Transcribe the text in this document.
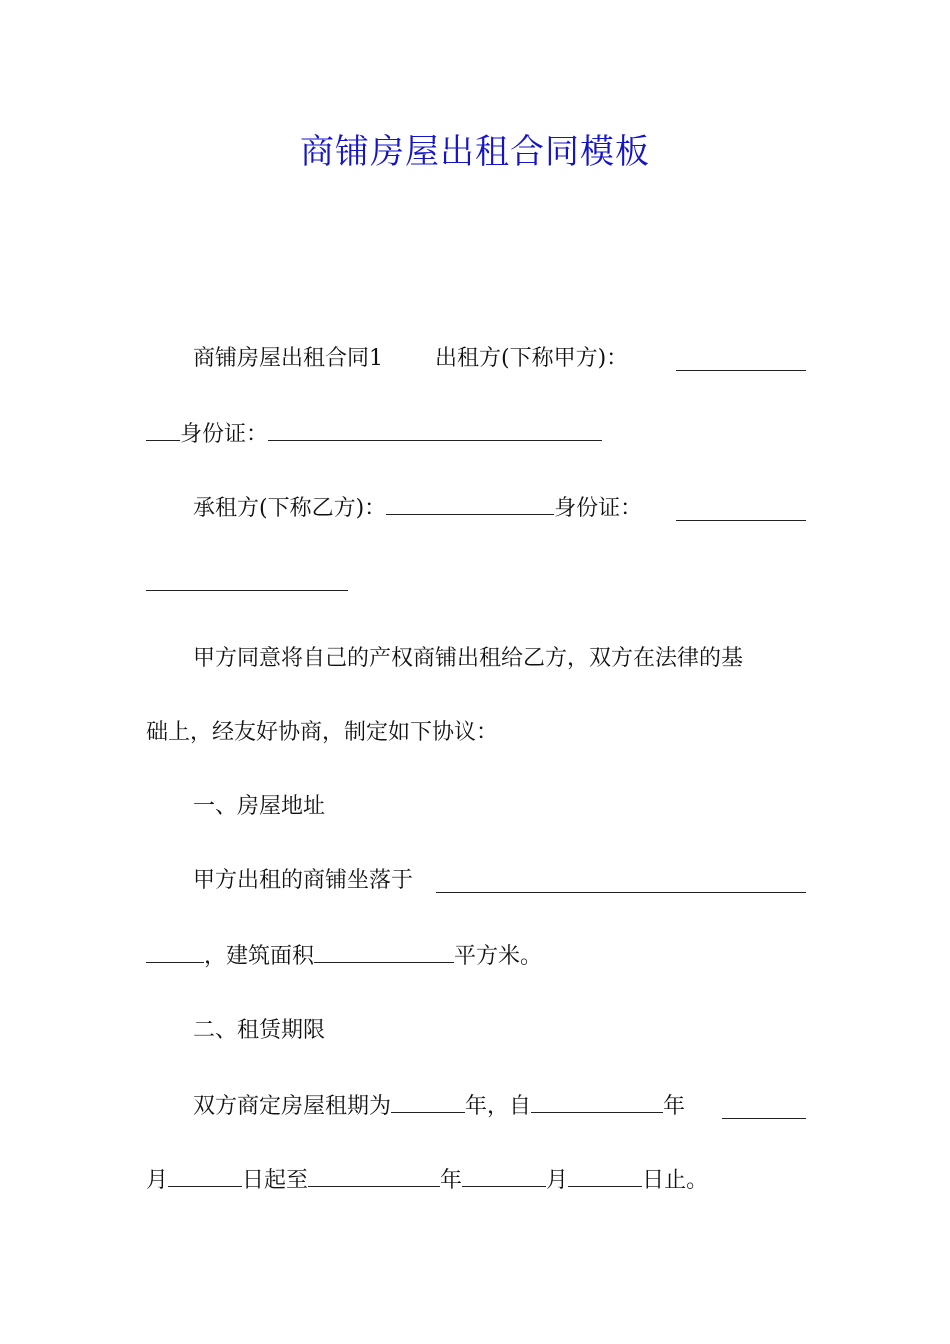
商铺房屋出租合同模板
商铺房屋出租合同1 出租方(下称甲方)：
身份证：
承租方(下称乙方)：	身份证：
甲方同意将自己的产权商铺出租给乙方，双方在法律的基
础上，经友好协商，制定如下协议：
一、房屋地址
甲方出租的商铺坐落于
，建筑面积	平方米。
二、租赁期限
双方商定房屋租期为	年，自	年
月	日起至	年	月	日止。
